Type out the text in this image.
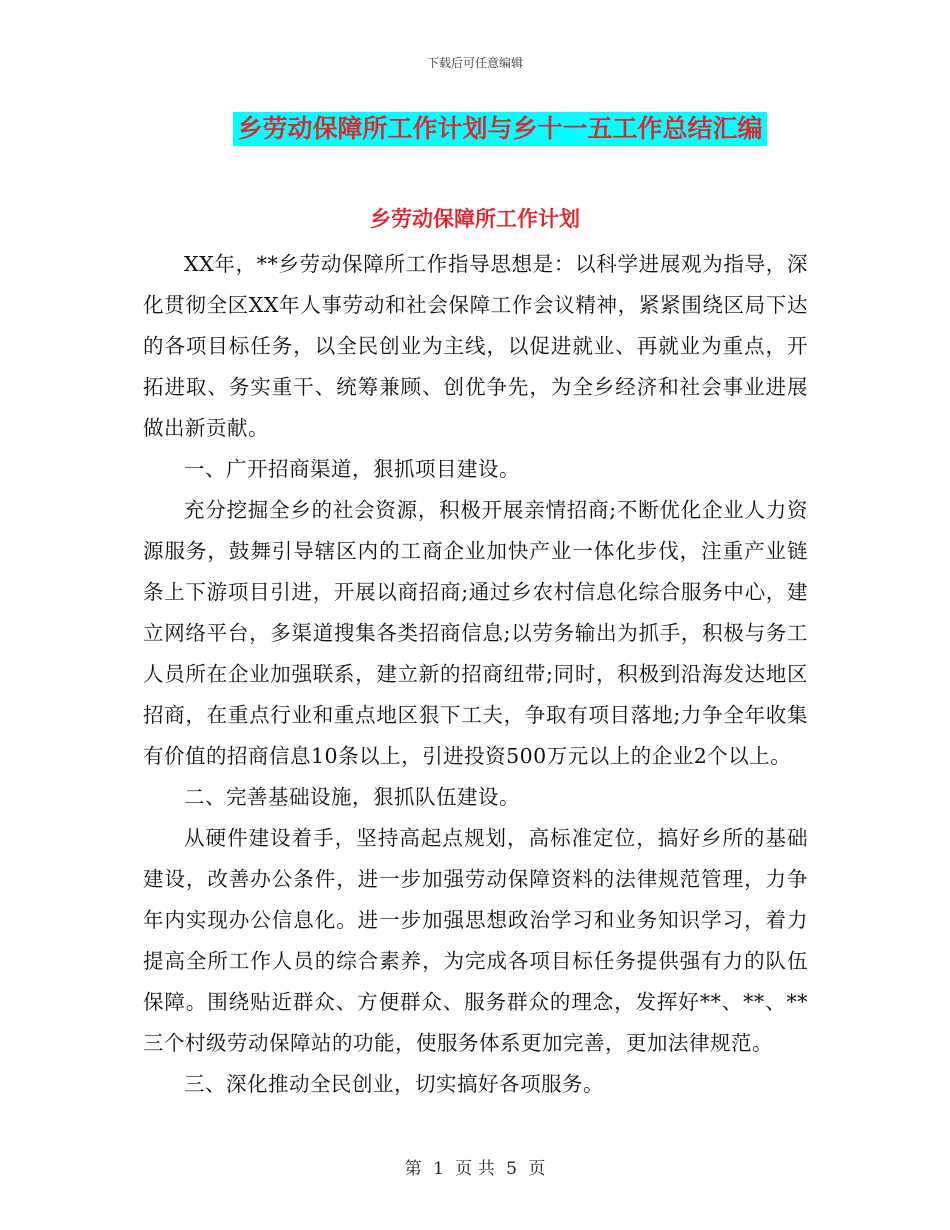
下载后可任意编辑
乡劳动保障所工作计划与乡十一五工作总结汇编
乡劳动保障所工作计划

XX年，**乡劳动保障所工作指导思想是：以科学进展观为指导，深化贯彻全区XX年人事劳动和社会保障工作会议精神，紧紧围绕区局下达的各项目标任务，以全民创业为主线，以促进就业、再就业为重点，开拓进取、务实重干、统筹兼顾、创优争先，为全乡经济和社会事业进展做出新贡献。

一、广开招商渠道，狠抓项目建设。

充分挖掘全乡的社会资源，积极开展亲情招商;不断优化企业人力资源服务，鼓舞引导辖区内的工商企业加快产业一体化步伐，注重产业链条上下游项目引进，开展以商招商;通过乡农村信息化综合服务中心，建立网络平台，多渠道搜集各类招商信息;以劳务输出为抓手，积极与务工人员所在企业加强联系，建立新的招商纽带;同时，积极到沿海发达地区招商，在重点行业和重点地区狠下工夫，争取有项目落地;力争全年收集有价值的招商信息10条以上，引进投资500万元以上的企业2个以上。

二、完善基础设施，狠抓队伍建设。

从硬件建设着手，坚持高起点规划，高标准定位，搞好乡所的基础建设，改善办公条件，进一步加强劳动保障资料的法律规范管理，力争年内实现办公信息化。进一步加强思想政治学习和业务知识学习，着力提高全所工作人员的综合素养，为完成各项目标任务提供强有力的队伍保障。围绕贴近群众、方便群众、服务群众的理念，发挥好**、**、**三个村级劳动保障站的功能，使服务体系更加完善，更加法律规范。

三、深化推动全民创业，切实搞好各项服务。

第 1 页 共 5 页
